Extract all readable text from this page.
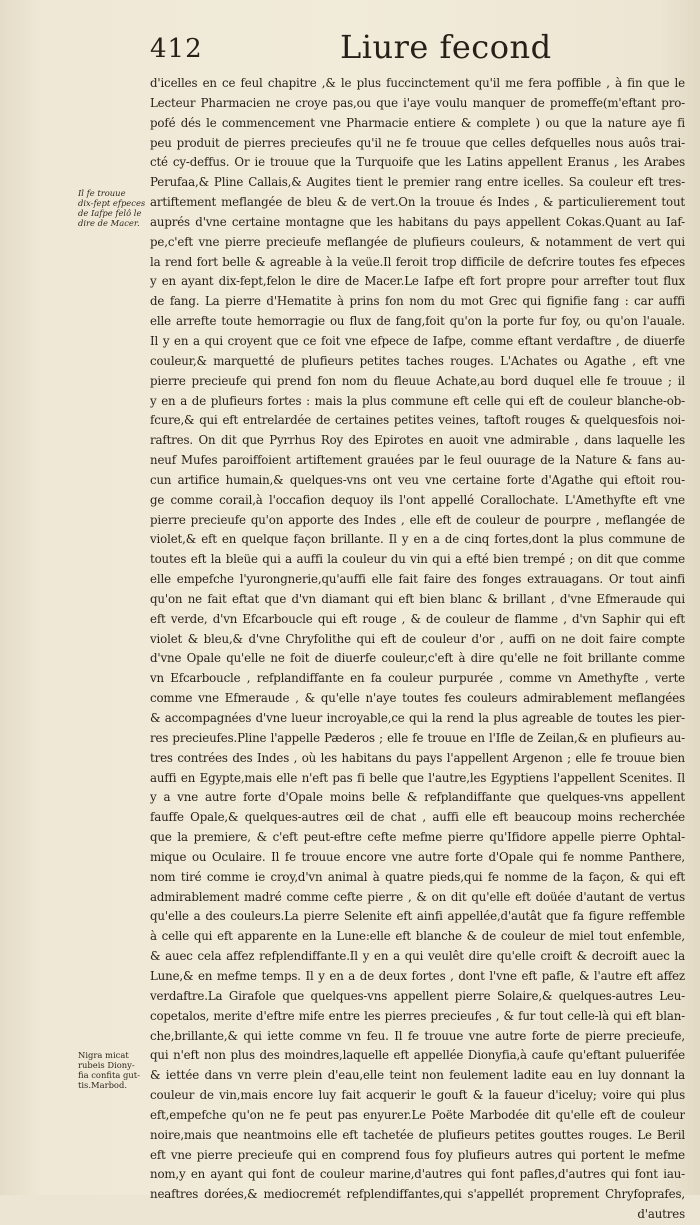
412	Liure fecond
Il fe trouue
dix-fept efpeces
de Iafpe felô le
dire de Macer.
Nigra micat
rubeis Diony-
fia confita gut-
tis.Marbod.
d'icelles en ce feul chapitre ,& le plus fuccinctement qu'il me fera poffible , à fin que le
Lecteur Pharmacien ne croye pas,ou que i'aye voulu manquer de promeffe(m'eftant pro-
pofé dés le commencement vne Pharmacie entiere & complete ) ou que la nature aye fi
peu produit de pierres precieufes qu'il ne fe trouue que celles defquelles nous auôs trai-
cté cy-deffus. Or ie trouue que la Turquoife que les Latins appellent Eranus , les Arabes
Perufaa,& Pline Callais,& Augites tient le premier rang entre icelles. Sa couleur eft tres-
artiftement meflangée de bleu & de vert.On la trouue és Indes , & particulierement tout
auprés d'vne certaine montagne que les habitans du pays appellent Cokas.Quant au Iaf-
pe,c'eft vne pierre precieufe meflangée de plufieurs couleurs, & notamment de vert qui
la rend fort belle & agreable à la veüe.Il feroit trop difficile de defcrire toutes fes efpeces
y en ayant dix-fept,felon le dire de Macer.Le Iafpe eft fort propre pour arrefter tout flux
de fang. La pierre d'Hematite à prins fon nom du mot Grec qui fignifie fang : car auffi
elle arrefte toute hemorragie ou flux de fang,foit qu'on la porte fur foy, ou qu'on l'auale.
Il y en a qui croyent que ce foit vne efpece de Iafpe, comme eftant verdaftre , de diuerfe
couleur,& marquetté de plufieurs petites taches rouges. L'Achates ou Agathe , eft vne
pierre precieufe qui prend fon nom du fleuue Achate,au bord duquel elle fe trouue ; il
y en a de plufieurs fortes : mais la plus commune eft celle qui eft de couleur blanche-ob-
fcure,& qui eft entrelardée de certaines petites veines, taftoft rouges & quelquesfois noi-
raftres. On dit que Pyrrhus Roy des Epirotes en auoit vne admirable , dans laquelle les
neuf Mufes paroiffoient artiftement grauées par le feul ouurage de la Nature & fans au-
cun artifice humain,& quelques-vns ont veu vne certaine forte d'Agathe qui eftoit rou-
ge comme corail,à l'occafion dequoy ils l'ont appellé Corallochate. L'Amethyfte eft vne
pierre precieufe qu'on apporte des Indes , elle eft de couleur de pourpre , meflangée de
violet,& eft en quelque façon brillante. Il y en a de cinq fortes,dont la plus commune de
toutes eft la bleüe qui a auffi la couleur du vin qui a efté bien trempé ; on dit que comme
elle empefche l'yurongnerie,qu'auffi elle fait faire des fonges extrauagans. Or tout ainfi
qu'on ne fait eftat que d'vn diamant qui eft bien blanc & brillant , d'vne Efmeraude qui
eft verde, d'vn Efcarboucle qui eft rouge , & de couleur de flamme , d'vn Saphir qui eft
violet & bleu,& d'vne Chryfolithe qui eft de couleur d'or , auffi on ne doit faire compte
d'vne Opale qu'elle ne foit de diuerfe couleur,c'eft à dire qu'elle ne foit brillante comme
vn Efcarboucle , refplandiffante en fa couleur purpurée , comme vn Amethyfte , verte
comme vne Efmeraude , & qu'elle n'aye toutes fes couleurs admirablement meflangées
& accompagnées d'vne lueur incroyable,ce qui la rend la plus agreable de toutes les pier-
res precieufes.Pline l'appelle Pæderos ; elle fe trouue en l'Ifle de Zeilan,& en plufieurs au-
tres contrées des Indes , où les habitans du pays l'appellent Argenon ; elle fe trouue bien
auffi en Egypte,mais elle n'eft pas fi belle que l'autre,les Egyptiens l'appellent Scenites. Il
y a vne autre forte d'Opale moins belle & refplandiffante que quelques-vns appellent
fauffe Opale,& quelques-autres œil de chat , auffi elle eft beaucoup moins recherchée
que la premiere, & c'eft peut-eftre cefte mefme pierre qu'Ifidore appelle pierre Ophtal-
mique ou Oculaire. Il fe trouue encore vne autre forte d'Opale qui fe nomme Panthere,
nom tiré comme ie croy,d'vn animal à quatre pieds,qui fe nomme de la façon, & qui eft
admirablement madré comme cefte pierre , & on dit qu'elle eft doüée d'autant de vertus
qu'elle a des couleurs.La pierre Selenite eft ainfi appellée,d'autât que fa figure reffemble
à celle qui eft apparente en la Lune:elle eft blanche & de couleur de miel tout enfemble,
& auec cela affez refplendiffante.Il y en a qui veulêt dire qu'elle croift & decroift auec la
Lune,& en mefme temps. Il y en a de deux fortes , dont l'vne eft pafle, & l'autre eft affez
verdaftre.La Girafole que quelques-vns appellent pierre Solaire,& quelques-autres Leu-
copetalos, merite d'eftre mife entre les pierres precieufes , & fur tout celle-là qui eft blan-
che,brillante,& qui iette comme vn feu. Il fe trouue vne autre forte de pierre precieufe,
qui n'eft non plus des moindres,laquelle eft appellée Dionyfia,à caufe qu'eftant puluerifée
& iettée dans vn verre plein d'eau,elle teint non feulement ladite eau en luy donnant la
couleur de vin,mais encore luy fait acquerir le gouft & la faueur d'iceluy; voire qui plus
eft,empefche qu'on ne fe peut pas enyurer.Le Poëte Marbodée dit qu'elle eft de couleur
noire,mais que neantmoins elle eft tachetée de plufieurs petites gouttes rouges. Le Beril
eft vne pierre precieufe qui en comprend fous foy plufieurs autres qui portent le mefme
nom,y en ayant qui font de couleur marine,d'autres qui font pafles,d'autres qui font iau-
neaftres dorées,& mediocremét refplendiffantes,qui s'appellét proprement Chryfoprafes,
d'autres
